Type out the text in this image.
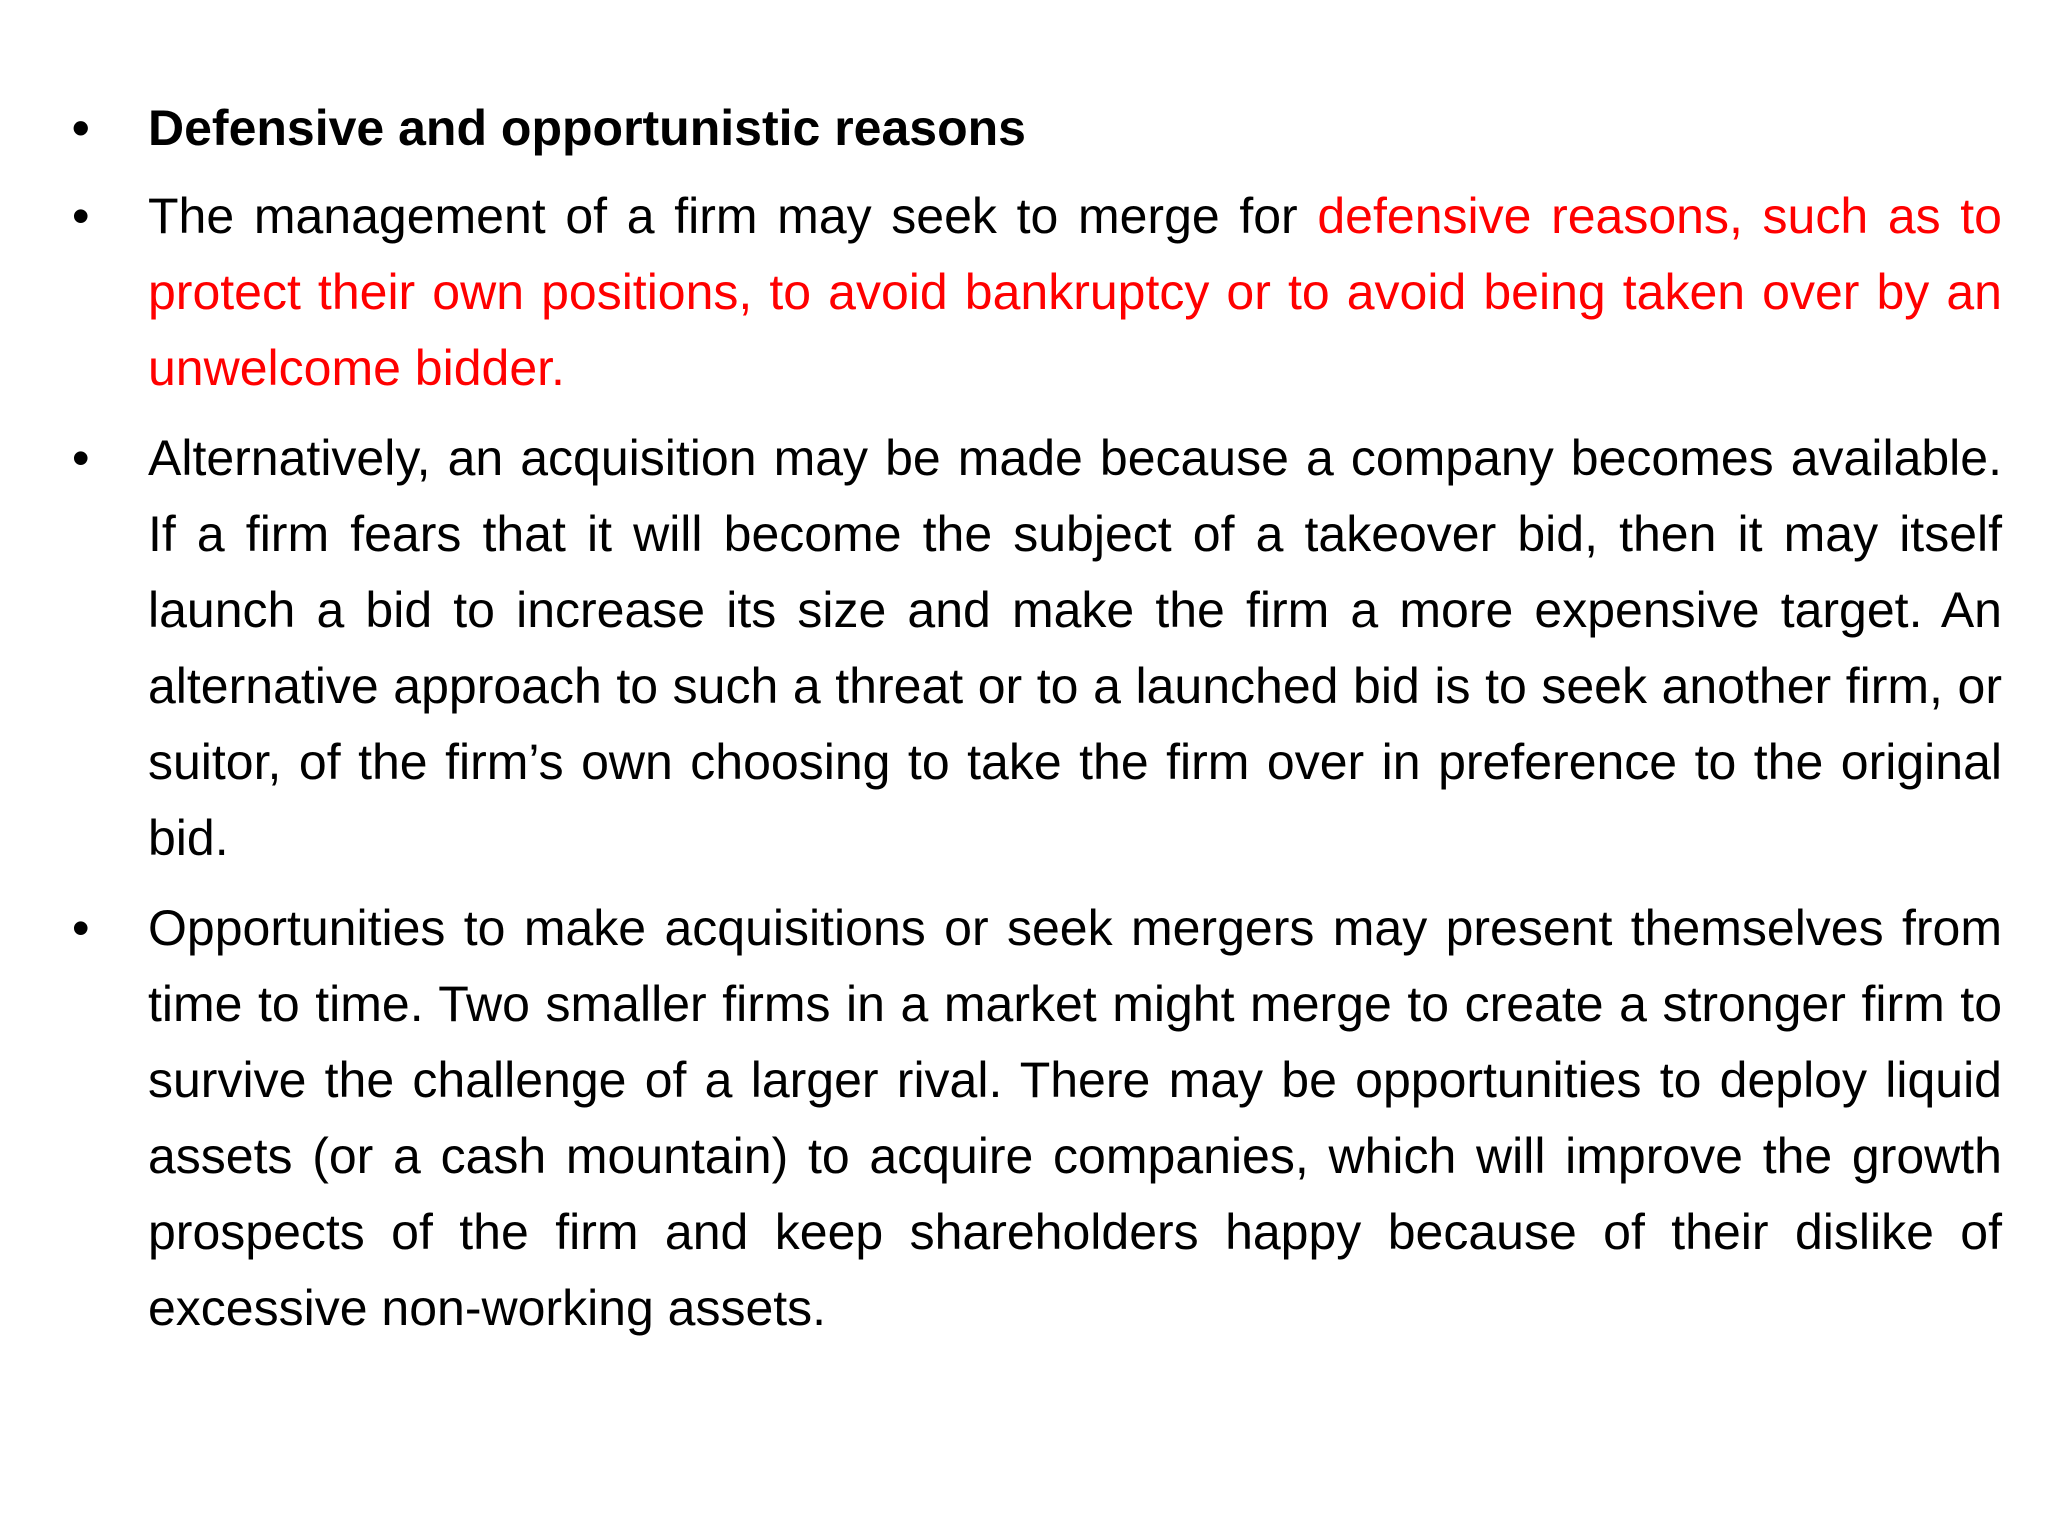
•	Defensive and opportunistic reasons
•	The management of a firm may seek to merge for defensive reasons, such as to protect their own positions, to avoid bankruptcy or to avoid being taken over by an unwelcome bidder.
•	Alternatively, an acquisition may be made because a company becomes available. If a firm fears that it will become the subject of a takeover bid, then it may itself launch a bid to increase its size and make the firm a more expensive target. An alternative approach to such a threat or to a launched bid is to seek another firm, or suitor, of the firm’s own choosing to take the firm over in preference to the original bid.
•	Opportunities to make acquisitions or seek mergers may present themselves from time to time. Two smaller firms in a market might merge to create a stronger firm to survive the challenge of a larger rival. There may be opportunities to deploy liquid assets (or a cash mountain) to acquire companies, which will improve the growth prospects of the firm and keep shareholders happy because of their dislike of excessive non-working assets.
